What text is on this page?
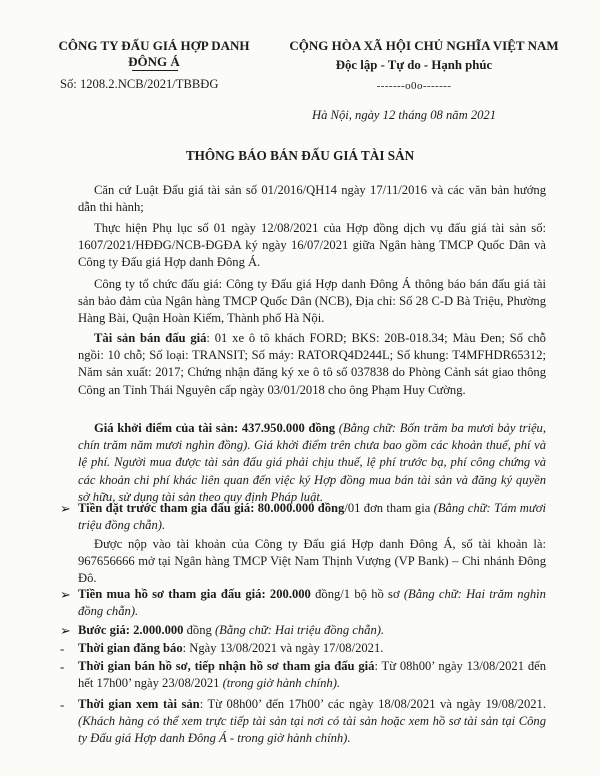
CÔNG TY ĐẤU GIÁ HỢP DANH
ĐÔNG Á
Số: 1208.2.NCB/2021/TBBĐG
CỘNG HÒA XÃ HỘI CHỦ NGHĨA VIỆT NAM
Độc lập - Tự do - Hạnh phúc
-------o0o-------
Hà Nội, ngày 12 tháng 08 năm 2021
THÔNG BÁO BÁN ĐẤU GIÁ TÀI SẢN
Căn cứ Luật Đấu giá tài sản số 01/2016/QH14 ngày 17/11/2016 và các văn bản hướng dẫn thi hành;
Thực hiện Phụ lục số 01 ngày 12/08/2021 của Hợp đồng dịch vụ đấu giá tài sản số: 1607/2021/HĐĐG/NCB-ĐGĐA ký ngày 16/07/2021 giữa Ngân hàng TMCP Quốc Dân và Công ty Đấu giá Hợp danh Đông Á.
Công ty tổ chức đấu giá: Công ty Đấu giá Hợp danh Đông Á thông báo bán đấu giá tài sản bảo đảm của Ngân hàng TMCP Quốc Dân (NCB), Địa chỉ: Số 28 C-D Bà Triệu, Phường Hàng Bài, Quận Hoàn Kiếm, Thành phố Hà Nội.
Tài sản bán đấu giá: 01 xe ô tô khách FORD; BKS: 20B-018.34; Màu Đen; Số chỗ ngồi: 10 chỗ; Số loại: TRANSIT; Số máy: RATORQ4D244L; Số khung: T4MFHDR65312; Năm sản xuất: 2017; Chứng nhận đăng ký xe ô tô số 037838 do Phòng Cảnh sát giao thông Công an Tỉnh Thái Nguyên cấp ngày 03/01/2018 cho ông Phạm Huy Cường.
Giá khởi điểm của tài sản: 437.950.000 đồng (Bằng chữ: Bốn trăm ba mươi bảy triệu, chín trăm năm mươi nghìn đồng). Giá khởi điểm trên chưa bao gồm các khoản thuế, phí và lệ phí. Người mua được tài sản đấu giá phải chịu thuế, lệ phí trước bạ, phí công chứng và các khoản chi phí khác liên quan đến việc ký Hợp đồng mua bán tài sản và đăng ký quyền sở hữu, sử dụng tài sản theo quy định Pháp luật.
➢ Tiền đặt trước tham gia đấu giá: 80.000.000 đồng/01 đơn tham gia (Bằng chữ: Tám mươi triệu đồng chẵn).
Được nộp vào tài khoản của Công ty Đấu giá Hợp danh Đông Á, số tài khoản là: 967656666 mở tại Ngân hàng TMCP Việt Nam Thịnh Vượng (VP Bank) – Chi nhánh Đông Đô.
➢ Tiền mua hồ sơ tham gia đấu giá: 200.000 đồng/1 bộ hồ sơ (Bằng chữ: Hai trăm nghìn đồng chẵn).
➢ Bước giá: 2.000.000 đồng (Bằng chữ: Hai triệu đồng chẵn).
-	Thời gian đăng báo: Ngày 13/08/2021 và ngày 17/08/2021.
-	Thời gian bán hồ sơ, tiếp nhận hồ sơ tham gia đấu giá: Từ 08h00’ ngày 13/08/2021 đến hết 17h00’ ngày 23/08/2021 (trong giờ hành chính).
-	Thời gian xem tài sản: Từ 08h00’ đến 17h00’ các ngày 18/08/2021 và ngày 19/08/2021. (Khách hàng có thể xem trực tiếp tài sản tại nơi có tài sản hoặc xem hồ sơ tài sản tại Công ty Đấu giá Hợp danh Đông Á - trong giờ hành chính).
